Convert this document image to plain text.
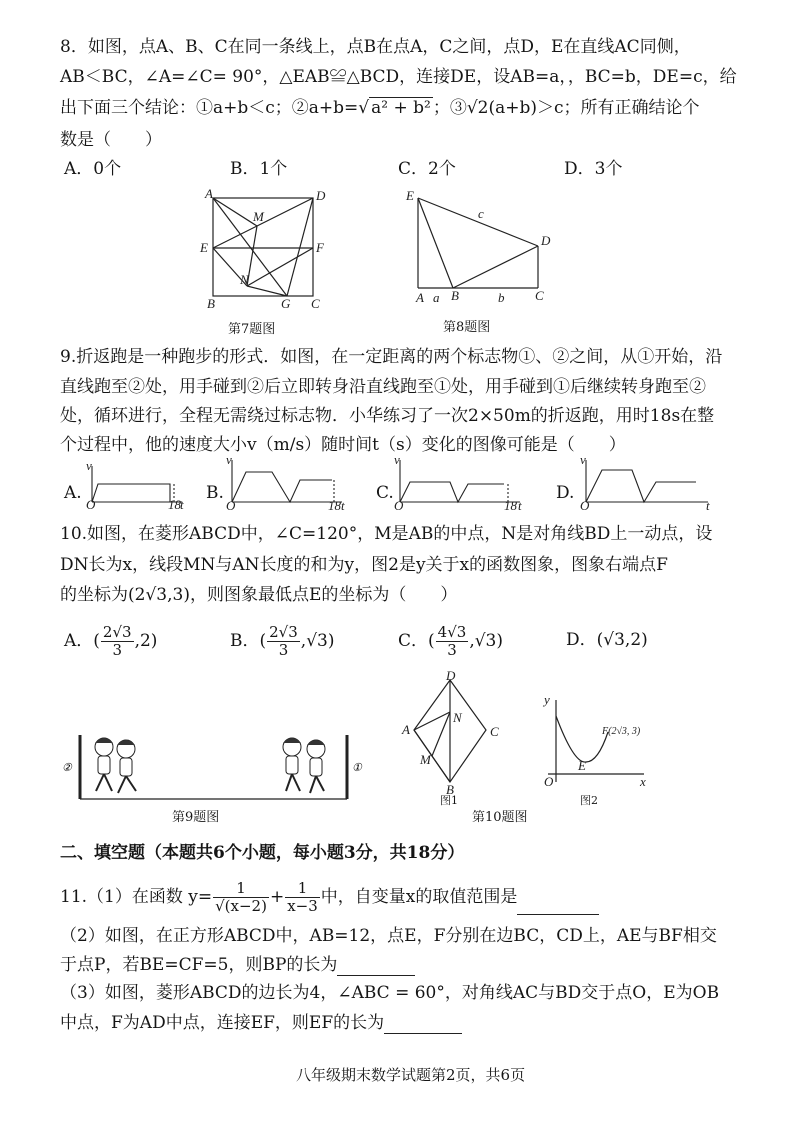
8．如图，点A、B、C在同一条线上，点B在点A，C之间，点D，E在直线AC同侧，
AB＜BC，∠A=∠C= 90°，△EAB≌△BCD，连接DE，设AB=a，，BC=b，DE=c，给
出下面三个结论：①a+b＜c；②a+b=√ a² + b² ；③√2(a+b)＞c；所有正确结论个
数是（　　）
A．0个	B．1个	C．2个	D．3个
A	D
M
E	F
N
B	G C
第7题图
E
c
D
A a B	b C
第8题图
9.折返跑是一种跑步的形式．如图，在一定距离的两个标志物①、②之间，从①开始，沿
直线跑至②处，用手碰到②后立即转身沿直线跑至①处，用手碰到①后继续转身跑至②
处，循环进行，全程无需绕过标志物．小华练习了一次2×50m的折返跑，用时18s在整
个过程中，他的速度大小v（m/s）随时间t（s）变化的图像可能是（　　）
A.	B.	C.	D.
v
O	18 t
v
O	18 t
v
O	18 t
v
O	t
10.如图，在菱形ABCD中，∠C=120°，M是AB的中点，N是对角线BD上一动点，设
DN长为x，线段MN与AN长度的和为y，图2是y关于x的函数图象，图象右端点F
的坐标为(2√3,3)，则图象最低点E的坐标为（　　）
A．( $\frac{2√3}{3} ,2$)	B．( $\frac{2√3}{3} ,√3$)	C．( $\frac{4√3}{3} ,√3$)	D．(√3,2)
②	①
第9题图
D
N
A	C
M
B
图1
y
F(2√3, 3)
O
E
x
图2
第10题图
二、填空题（本题共6个小题，每小题3分，共18分）
11.（1）在函数 $y= \frac{1}{√(x-2)} + \frac{1}{x-3}$ 中，自变量x的取值范围是
（2）如图，在正方形ABCD中，AB=12，点E，F分别在边BC，CD上，AE与BF相交
于点P，若BE=CF=5，则BP的长为
（3）如图，菱形ABCD的边长为4，∠ABC = 60°，对角线AC与BD交于点O，E为OB
中点，F为AD中点，连接EF，则EF的长为
八年级期末数学试题第2页，共6页
